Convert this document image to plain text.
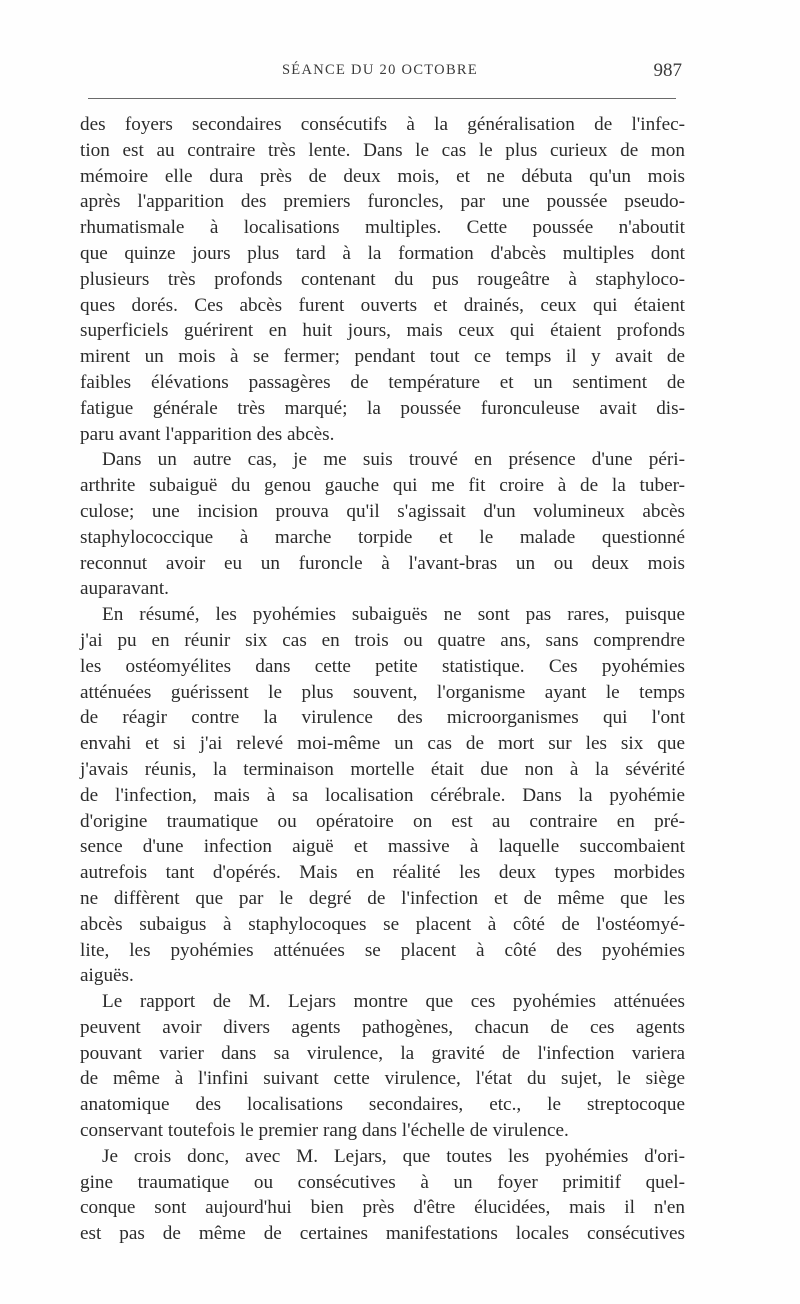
SÉANCE DU 20 OCTOBRE	987
des foyers secondaires consécutifs à la généralisation de l'infec-
tion est au contraire très lente. Dans le cas le plus curieux de mon
mémoire elle dura près de deux mois, et ne débuta qu'un mois
après l'apparition des premiers furoncles, par une poussée pseudo-
rhumatismale à localisations multiples. Cette poussée n'aboutit
que quinze jours plus tard à la formation d'abcès multiples dont
plusieurs très profonds contenant du pus rougeâtre à staphyloco-
ques dorés. Ces abcès furent ouverts et drainés, ceux qui étaient
superficiels guérirent en huit jours, mais ceux qui étaient profonds
mirent un mois à se fermer; pendant tout ce temps il y avait de
faibles élévations passagères de température et un sentiment de
fatigue générale très marqué; la poussée furonculeuse avait dis-
paru avant l'apparition des abcès.
Dans un autre cas, je me suis trouvé en présence d'une péri-
arthrite subaiguë du genou gauche qui me fit croire à de la tuber-
culose; une incision prouva qu'il s'agissait d'un volumineux abcès
staphylococcique à marche torpide et le malade questionné
reconnut avoir eu un furoncle à l'avant-bras un ou deux mois
auparavant.
En résumé, les pyohémies subaiguës ne sont pas rares, puisque
j'ai pu en réunir six cas en trois ou quatre ans, sans comprendre
les ostéomyélites dans cette petite statistique. Ces pyohémies
atténuées guérissent le plus souvent, l'organisme ayant le temps
de réagir contre la virulence des microorganismes qui l'ont
envahi et si j'ai relevé moi-même un cas de mort sur les six que
j'avais réunis, la terminaison mortelle était due non à la sévérité
de l'infection, mais à sa localisation cérébrale. Dans la pyohémie
d'origine traumatique ou opératoire on est au contraire en pré-
sence d'une infection aiguë et massive à laquelle succombaient
autrefois tant d'opérés. Mais en réalité les deux types morbides
ne diffèrent que par le degré de l'infection et de même que les
abcès subaigus à staphylocoques se placent à côté de l'ostéomyé-
lite, les pyohémies atténuées se placent à côté des pyohémies
aiguës.
Le rapport de M. Lejars montre que ces pyohémies atténuées
peuvent avoir divers agents pathogènes, chacun de ces agents
pouvant varier dans sa virulence, la gravité de l'infection variera
de même à l'infini suivant cette virulence, l'état du sujet, le siège
anatomique des localisations secondaires, etc., le streptocoque
conservant toutefois le premier rang dans l'échelle de virulence.
Je crois donc, avec M. Lejars, que toutes les pyohémies d'ori-
gine traumatique ou consécutives à un foyer primitif quel-
conque sont aujourd'hui bien près d'être élucidées, mais il n'en
est pas de même de certaines manifestations locales consécutives
